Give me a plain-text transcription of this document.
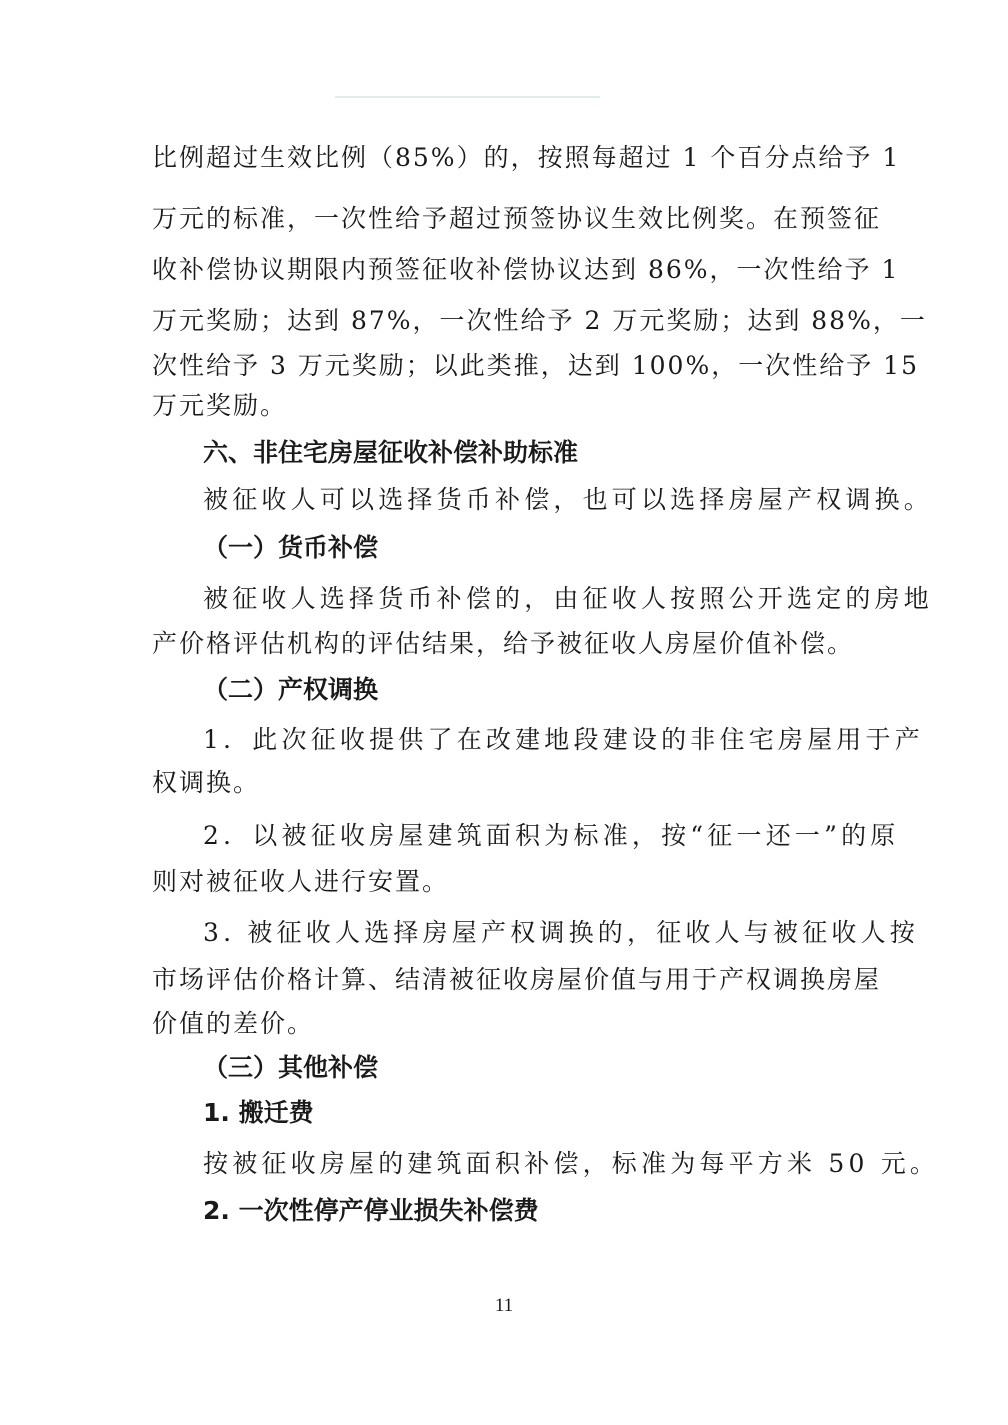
比例超过生效比例（85%）的，按照每超过 1 个百分点给予 1
万元的标准，一次性给予超过预签协议生效比例奖。在预签征
收补偿协议期限内预签征收补偿协议达到 86%，一次性给予 1
万元奖励；达到 87%，一次性给予 2 万元奖励；达到 88%，一
次性给予 3 万元奖励；以此类推，达到 100%，一次性给予 15
万元奖励。
六、非住宅房屋征收补偿补助标准
被征收人可以选择货币补偿，也可以选择房屋产权调换。
（一）货币补偿
被征收人选择货币补偿的，由征收人按照公开选定的房地
产价格评估机构的评估结果，给予被征收人房屋价值补偿。
（二）产权调换
1．此次征收提供了在改建地段建设的非住宅房屋用于产
权调换。
2．以被征收房屋建筑面积为标准，按“征一还一”的原
则对被征收人进行安置。
3. 被征收人选择房屋产权调换的，征收人与被征收人按
市场评估价格计算、结清被征收房屋价值与用于产权调换房屋
价值的差价。
（三）其他补偿
1. 搬迁费
按被征收房屋的建筑面积补偿，标准为每平方米 50 元。
2. 一次性停产停业损失补偿费
11
